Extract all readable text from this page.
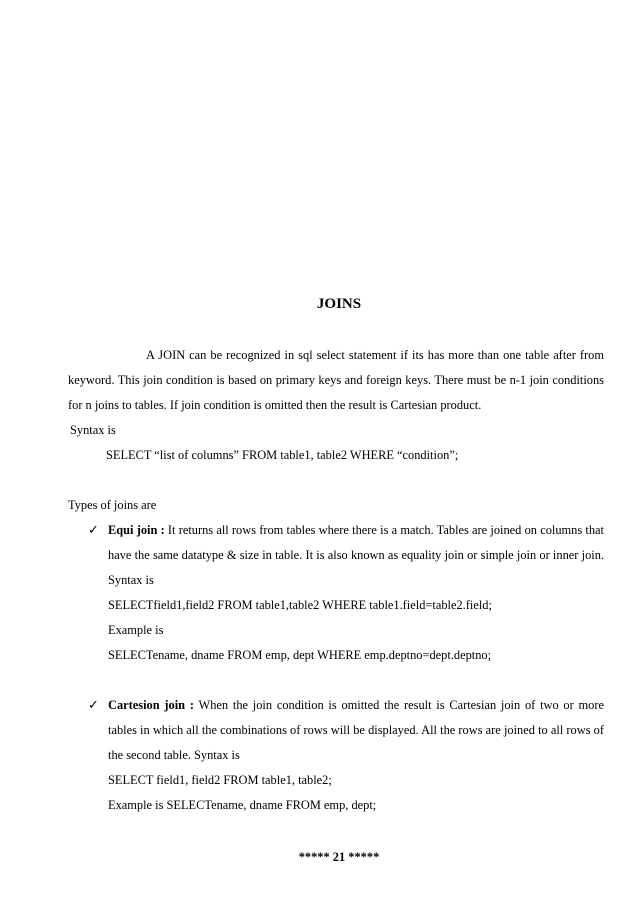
JOINS

A JOIN can be recognized in sql select statement if its has more than one table after from keyword. This join condition is based on primary keys and foreign keys. There must be n-1 join conditions for n joins to tables. If join condition is omitted then the result is Cartesian product.

Syntax is

SELECT “list of columns” FROM table1, table2 WHERE “condition”;

Types of joins are

✓ Equi join : It returns all rows from tables where there is a match. Tables are joined on columns that have the same datatype & size in table. It is also known as equality join or simple join or inner join. Syntax is

SELECTfield1,field2 FROM table1,table2 WHERE table1.field=table2.field;

Example is

SELECTename, dname FROM emp, dept WHERE emp.deptno=dept.deptno;

✓ Cartesion join : When the join condition is omitted the result is Cartesian join of two or more tables in which all the combinations of rows will be displayed. All the rows are joined to all rows of the second table. Syntax is

SELECT field1, field2 FROM table1, table2;

Example is SELECTename, dname FROM emp, dept;

***** 21 *****
